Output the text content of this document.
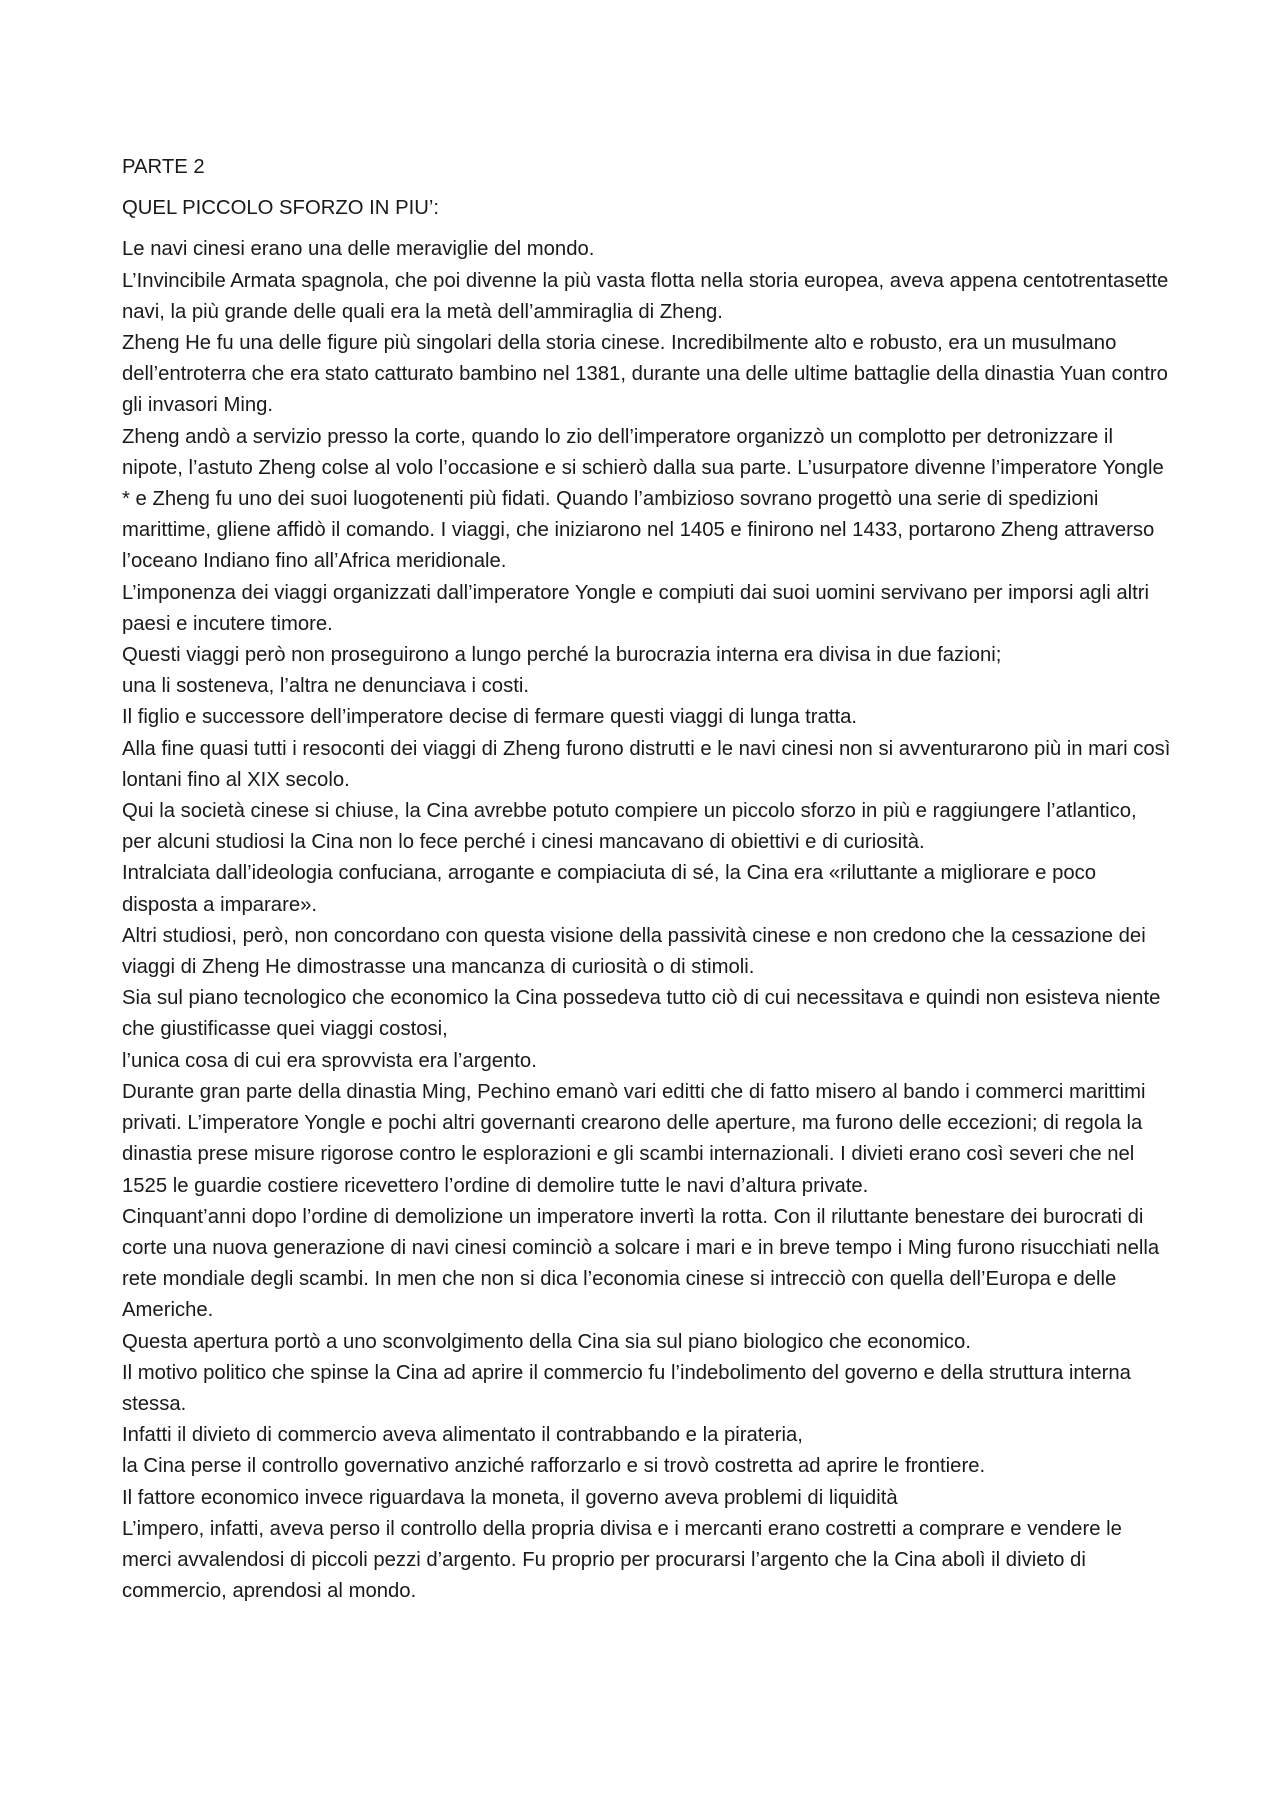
PARTE 2

QUEL PICCOLO SFORZO IN PIU’:

Le navi cinesi erano una delle meraviglie del mondo.

L’Invincibile Armata spagnola, che poi divenne la più vasta flotta nella storia europea, aveva appena centotrentasette navi, la più grande delle quali era la metà dell’ammiraglia di Zheng.

Zheng He fu una delle figure più singolari della storia cinese. Incredibilmente alto e robusto, era un musulmano dell’entroterra che era stato catturato bambino nel 1381, durante una delle ultime battaglie della dinastia Yuan contro gli invasori Ming.

Zheng andò a servizio presso la corte, quando lo zio dell’imperatore organizzò un complotto per detronizzare il nipote, l’astuto Zheng colse al volo l’occasione e si schierò dalla sua parte. L’usurpatore divenne l’imperatore Yongle * e Zheng fu uno dei suoi luogotenenti più fidati. Quando l’ambizioso sovrano progettò una serie di spedizioni marittime, gliene affidò il comando. I viaggi, che iniziarono nel 1405 e finirono nel 1433, portarono Zheng attraverso l’oceano Indiano fino all’Africa meridionale.

L’imponenza dei viaggi organizzati dall’imperatore Yongle e compiuti dai suoi uomini servivano per imporsi agli altri paesi e incutere timore.

Questi viaggi però non proseguirono a lungo perché la burocrazia interna era divisa in due fazioni;

una li sosteneva, l’altra ne denunciava i costi.

Il figlio e successore dell’imperatore decise di fermare questi viaggi di lunga tratta.

Alla fine quasi tutti i resoconti dei viaggi di Zheng furono distrutti e le navi cinesi non si avventurarono più in mari così lontani fino al XIX secolo.

Qui la società cinese si chiuse, la Cina avrebbe potuto compiere un piccolo sforzo in più e raggiungere l’atlantico,

per alcuni studiosi la Cina non lo fece perché i cinesi mancavano di obiettivi e di curiosità.

Intralciata dall’ideologia confuciana, arrogante e compiaciuta di sé, la Cina era «riluttante a migliorare e poco disposta a imparare».

Altri studiosi, però, non concordano con questa visione della passività cinese e non credono che la cessazione dei viaggi di Zheng He dimostrasse una mancanza di curiosità o di stimoli.

Sia sul piano tecnologico che economico la Cina possedeva tutto ciò di cui necessitava e quindi non esisteva niente che giustificasse quei viaggi costosi,

l’unica cosa di cui era sprovvista era l’argento.

Durante gran parte della dinastia Ming, Pechino emanò vari editti che di fatto misero al bando i commerci marittimi privati. L’imperatore Yongle e pochi altri governanti crearono delle aperture, ma furono delle eccezioni; di regola la dinastia prese misure rigorose contro le esplorazioni e gli scambi internazionali. I divieti erano così severi che nel 1525 le guardie costiere ricevettero l’ordine di demolire tutte le navi d’altura private.

Cinquant’anni dopo l’ordine di demolizione un imperatore invertì la rotta. Con il riluttante benestare dei burocrati di corte una nuova generazione di navi cinesi cominciò a solcare i mari e in breve tempo i Ming furono risucchiati nella rete mondiale degli scambi. In men che non si dica l’economia cinese si intrecciò con quella dell’Europa e delle Americhe.

Questa apertura portò a uno sconvolgimento della Cina sia sul piano biologico che economico.

Il motivo politico che spinse la Cina ad aprire il commercio fu l’indebolimento del governo e della struttura interna stessa.

Infatti il divieto di commercio aveva alimentato il contrabbando e la pirateria,

la Cina perse il controllo governativo anziché rafforzarlo e si trovò costretta ad aprire le frontiere.

Il fattore economico invece riguardava la moneta, il governo aveva problemi di liquidità

L’impero, infatti, aveva perso il controllo della propria divisa e i mercanti erano costretti a comprare e vendere le merci avvalendosi di piccoli pezzi d’argento. Fu proprio per procurarsi l’argento che la Cina abolì il divieto di commercio, aprendosi al mondo.
